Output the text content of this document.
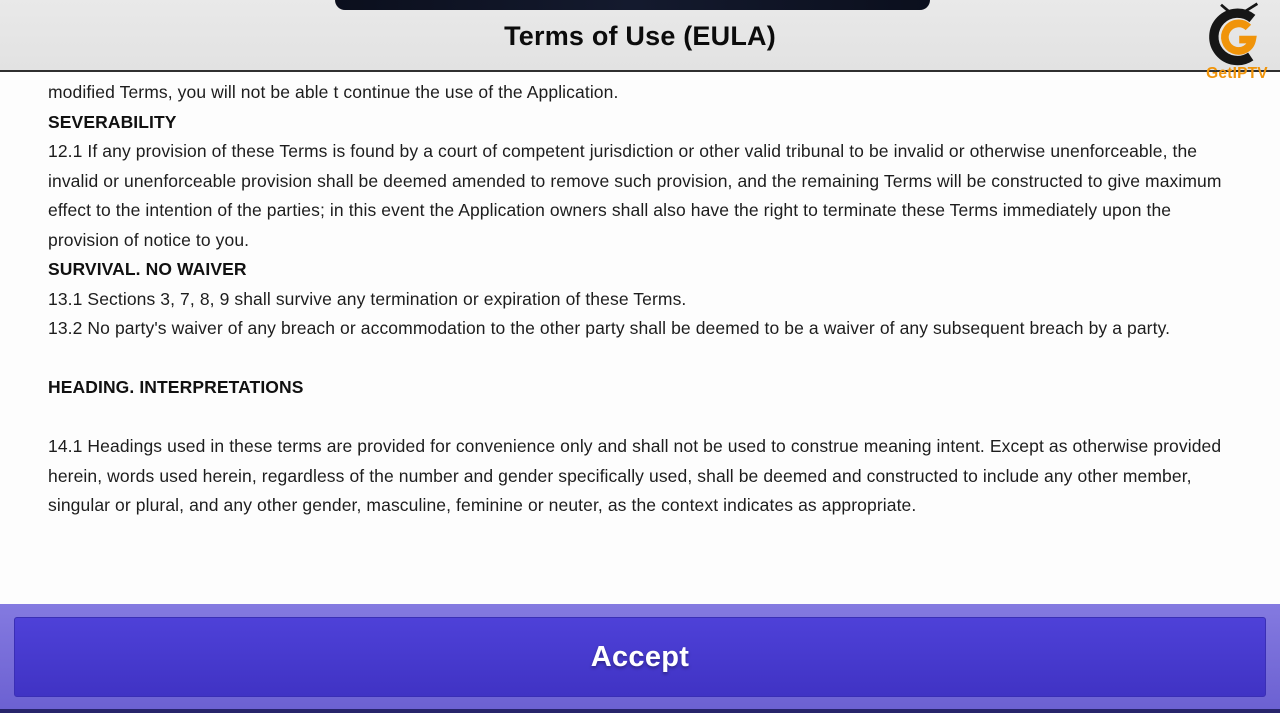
Terms of Use (EULA)
GetIPTV

modified Terms, you will not be able t continue the use of the Application.

SEVERABILITY

12.1 If any provision of these Terms is found by a court of competent jurisdiction or other valid tribunal to be invalid or otherwise unenforceable, the invalid or unenforceable provision shall be deemed amended to remove such provision, and the remaining Terms will be constructed to give maximum effect to the intention of the parties; in this event the Application owners shall also have the right to terminate these Terms immediately upon the provision of notice to you.

SURVIVAL. NO WAIVER

13.1 Sections 3, 7, 8, 9 shall survive any termination or expiration of these Terms.

13.2 No party's waiver of any breach or accommodation to the other party shall be deemed to be a waiver of any subsequent breach by a party.

HEADING. INTERPRETATIONS

14.1 Headings used in these terms are provided for convenience only and shall not be used to construe meaning intent. Except as otherwise provided herein, words used herein, regardless of the number and gender specifically used, shall be deemed and constructed to include any other member, singular or plural, and any other gender, masculine, feminine or neuter, as the context indicates as appropriate.

Accept
